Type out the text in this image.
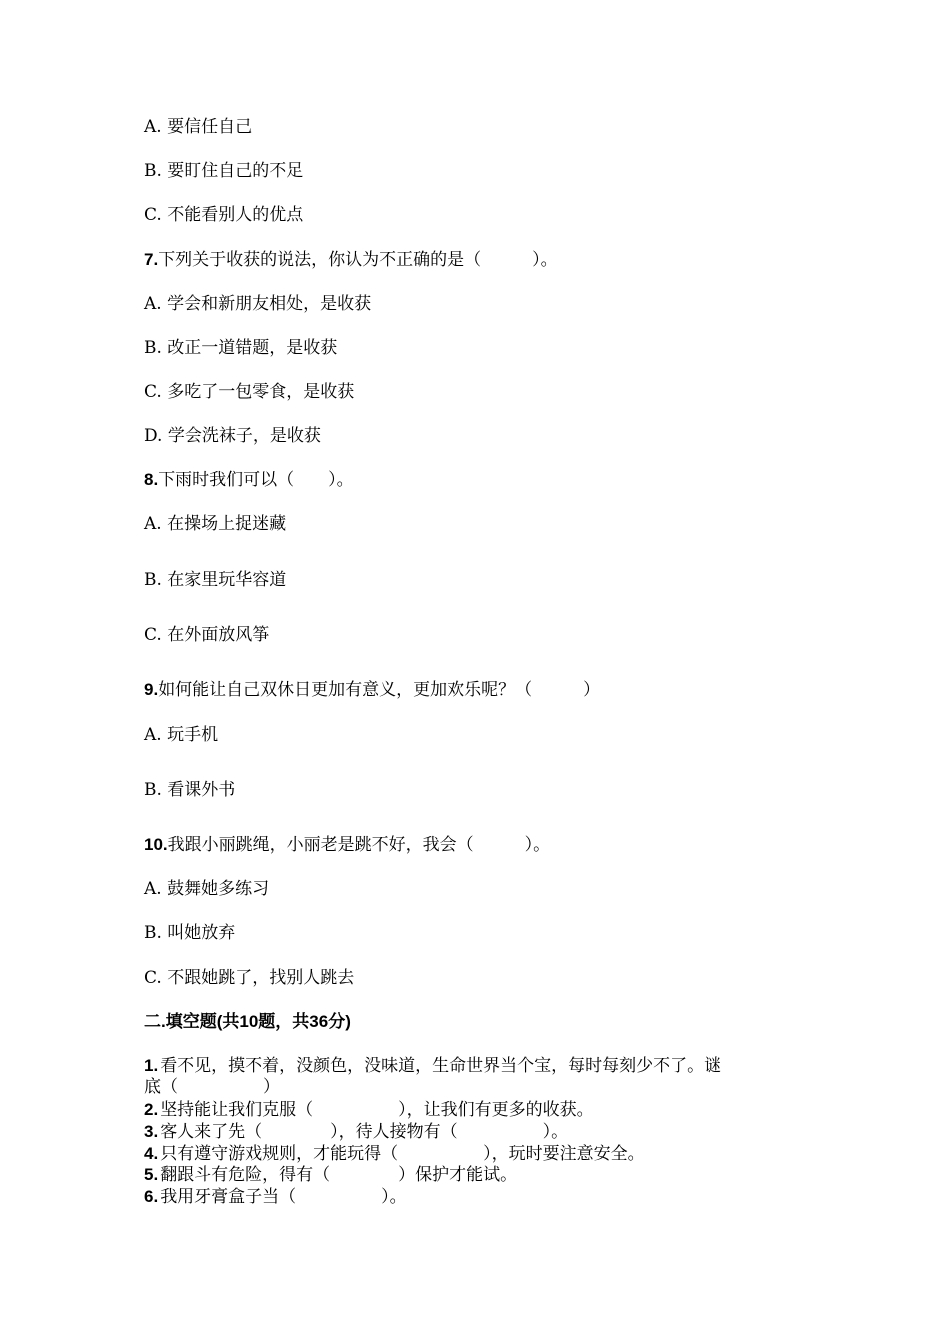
A. 要信任自己
B. 要盯住自己的不足
C. 不能看别人的优点
7.下列关于收获的说法，你认为不正确的是（　　　）。
A. 学会和新朋友相处，是收获
B. 改正一道错题，是收获
C. 多吃了一包零食，是收获
D. 学会洗袜子，是收获
8.下雨时我们可以（　　）。
A. 在操场上捉迷藏
B. 在家里玩华容道
C. 在外面放风筝
9.如何能让自己双休日更加有意义，更加欢乐呢？（　　　）
A. 玩手机
B. 看课外书
10.我跟小丽跳绳，小丽老是跳不好，我会（　　　）。
A. 鼓舞她多练习
B. 叫她放弃
C. 不跟她跳了，找别人跳去
二.填空题(共10题，共36分)
1. 看不见，摸不着，没颜色，没味道，生命世界当个宝，每时每刻少不了。谜
底（　　　　　）
2. 坚持能让我们克服（　　　　　），让我们有更多的收获。
3. 客人来了先（　　　　），待人接物有（　　　　　）。
4. 只有遵守游戏规则，才能玩得（　　　　　），玩时要注意安全。
5. 翻跟斗有危险，得有（　　　　）保护才能试。
6. 我用牙膏盒子当（　　　　　）。
